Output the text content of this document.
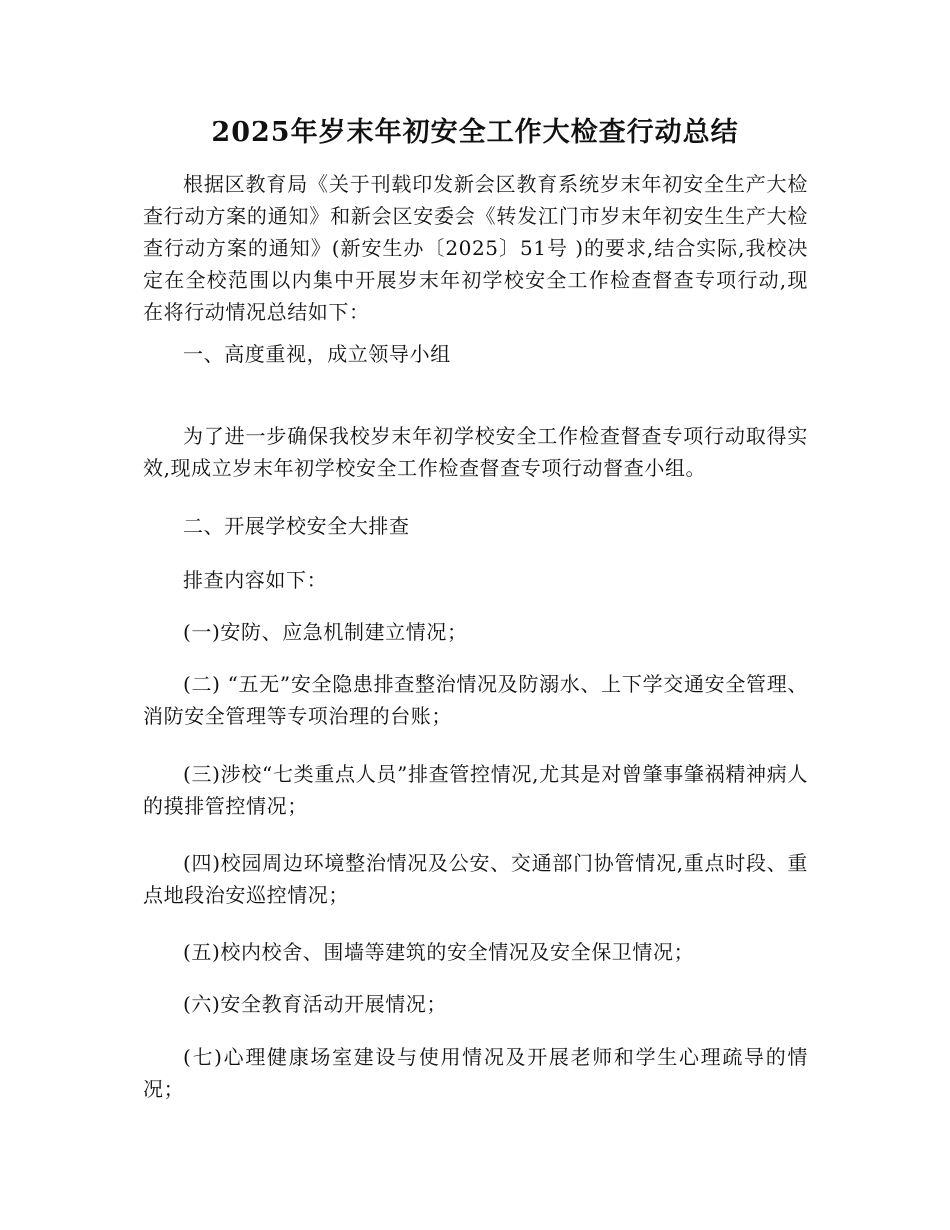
2025年岁末年初安全工作大检查行动总结

根据区教育局《关于刊载印发新会区教育系统岁末年初安全生产大检查行动方案的通知》和新会区安委会《转发江门市岁末年初安生生产大检查行动方案的通知》(新安生办〔2025〕51号 )的要求,结合实际,我校决定在全校范围以内集中开展岁末年初学校安全工作检查督查专项行动,现在将行动情况总结如下：

一、高度重视，成立领导小组

为了进一步确保我校岁末年初学校安全工作检查督查专项行动取得实效,现成立岁末年初学校安全工作检查督查专项行动督查小组。

二、开展学校安全大排查

排查内容如下：

(一)安防、应急机制建立情况；

(二) “五无”安全隐患排查整治情况及防溺水、上下学交通安全管理、消防安全管理等专项治理的台账；

(三)涉校“七类重点人员”排查管控情况,尤其是对曾肇事肇祸精神病人的摸排管控情况；

(四)校园周边环境整治情况及公安、交通部门协管情况,重点时段、重点地段治安巡控情况；

(五)校内校舍、围墙等建筑的安全情况及安全保卫情况；

(六)安全教育活动开展情况；

(七)心理健康场室建设与使用情况及开展老师和学生心理疏导的情况；
